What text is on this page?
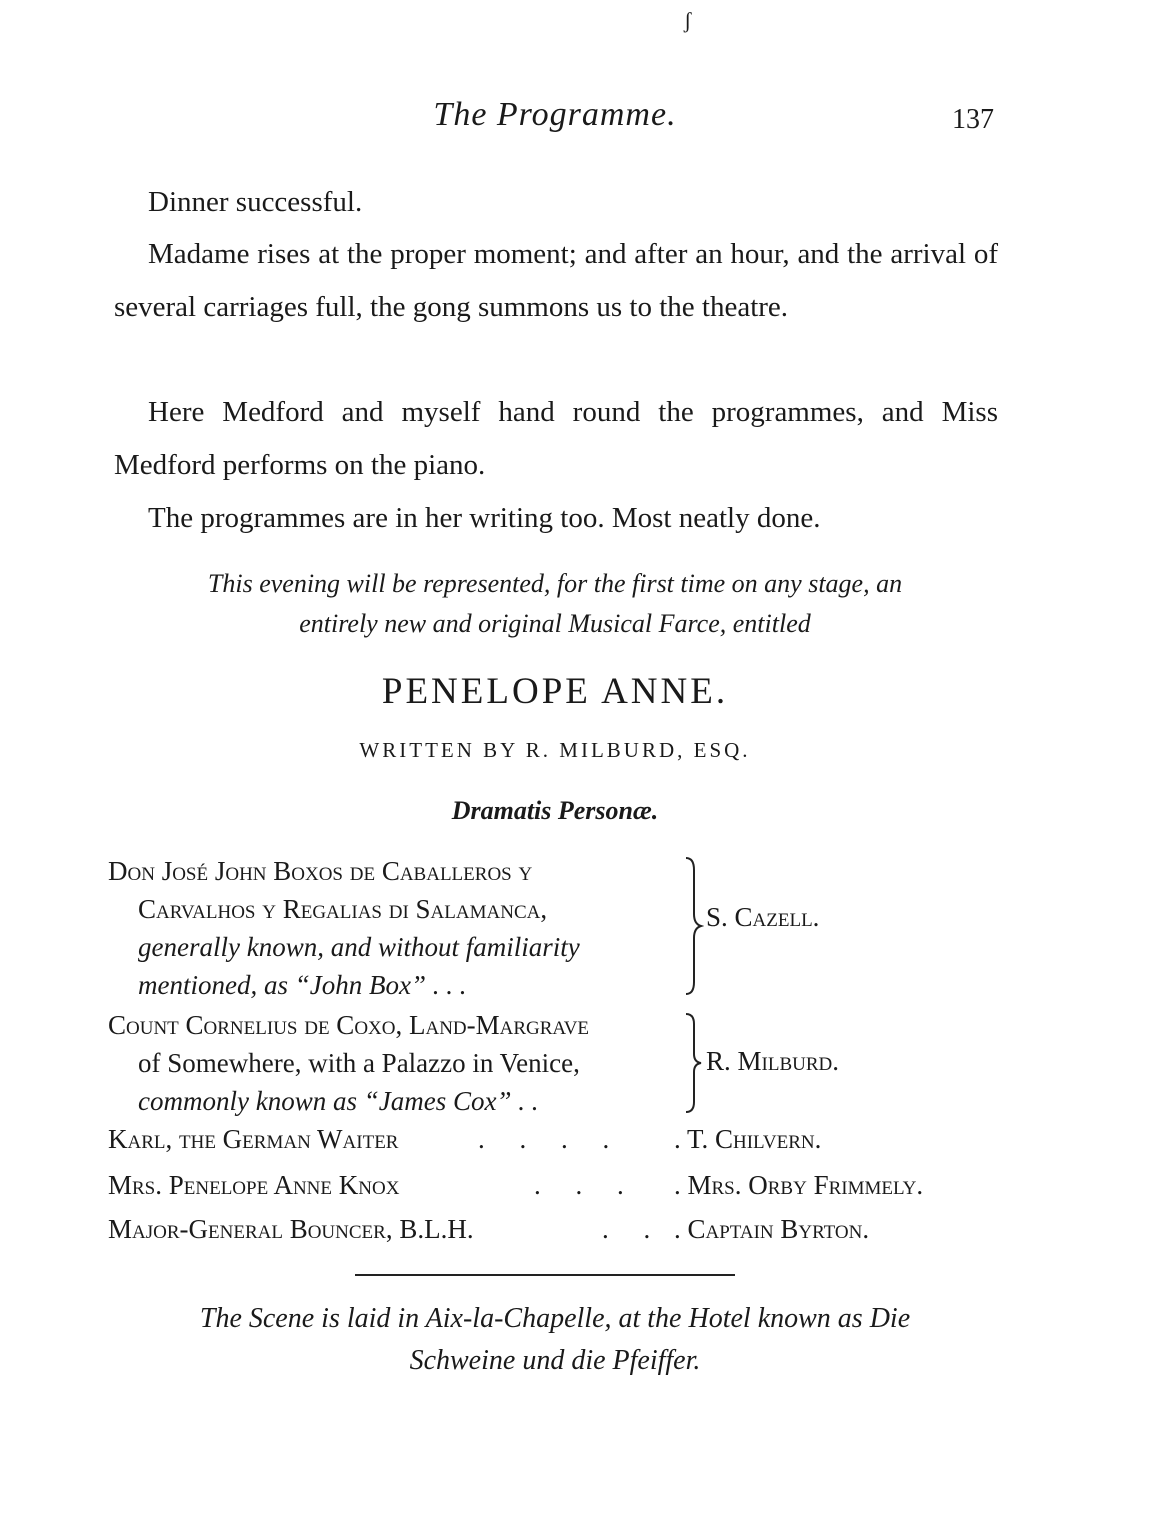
ʃ
The Programme.	137
Dinner successful.
Madame rises at the proper moment; and after an hour, and the arrival of several carriages full, the gong summons us to the theatre.
Here Medford and myself hand round the programmes, and Miss Medford performs on the piano.
The programmes are in her writing too. Most neatly done.
This evening will be represented, for the first time on any stage, an
entirely new and original Musical Farce, entitled
PENELOPE ANNE.
WRITTEN BY R. MILBURD, ESQ.
Dramatis Personæ.
Don José John Boxos de Caballeros y
Carvalhos y Regalias di Salamanca,
generally known, and without familiarity
mentioned, as “John Box” . . .
S. Cazell.
Count Cornelius de Coxo, Land-Margrave
of Somewhere, with a Palazzo in Venice,
commonly known as “James Cox” . .
R. Milburd.
Karl, the German Waiter	. . . . . T. Chilvern.
Mrs. Penelope Anne Knox	. . . . Mrs. Orby Frimmely.
Major-General Bouncer, B.L.H.	. . . Captain Byrton.
The Scene is laid in Aix-la-Chapelle, at the Hotel known as Die
Schweine und die Pfeiffer.
